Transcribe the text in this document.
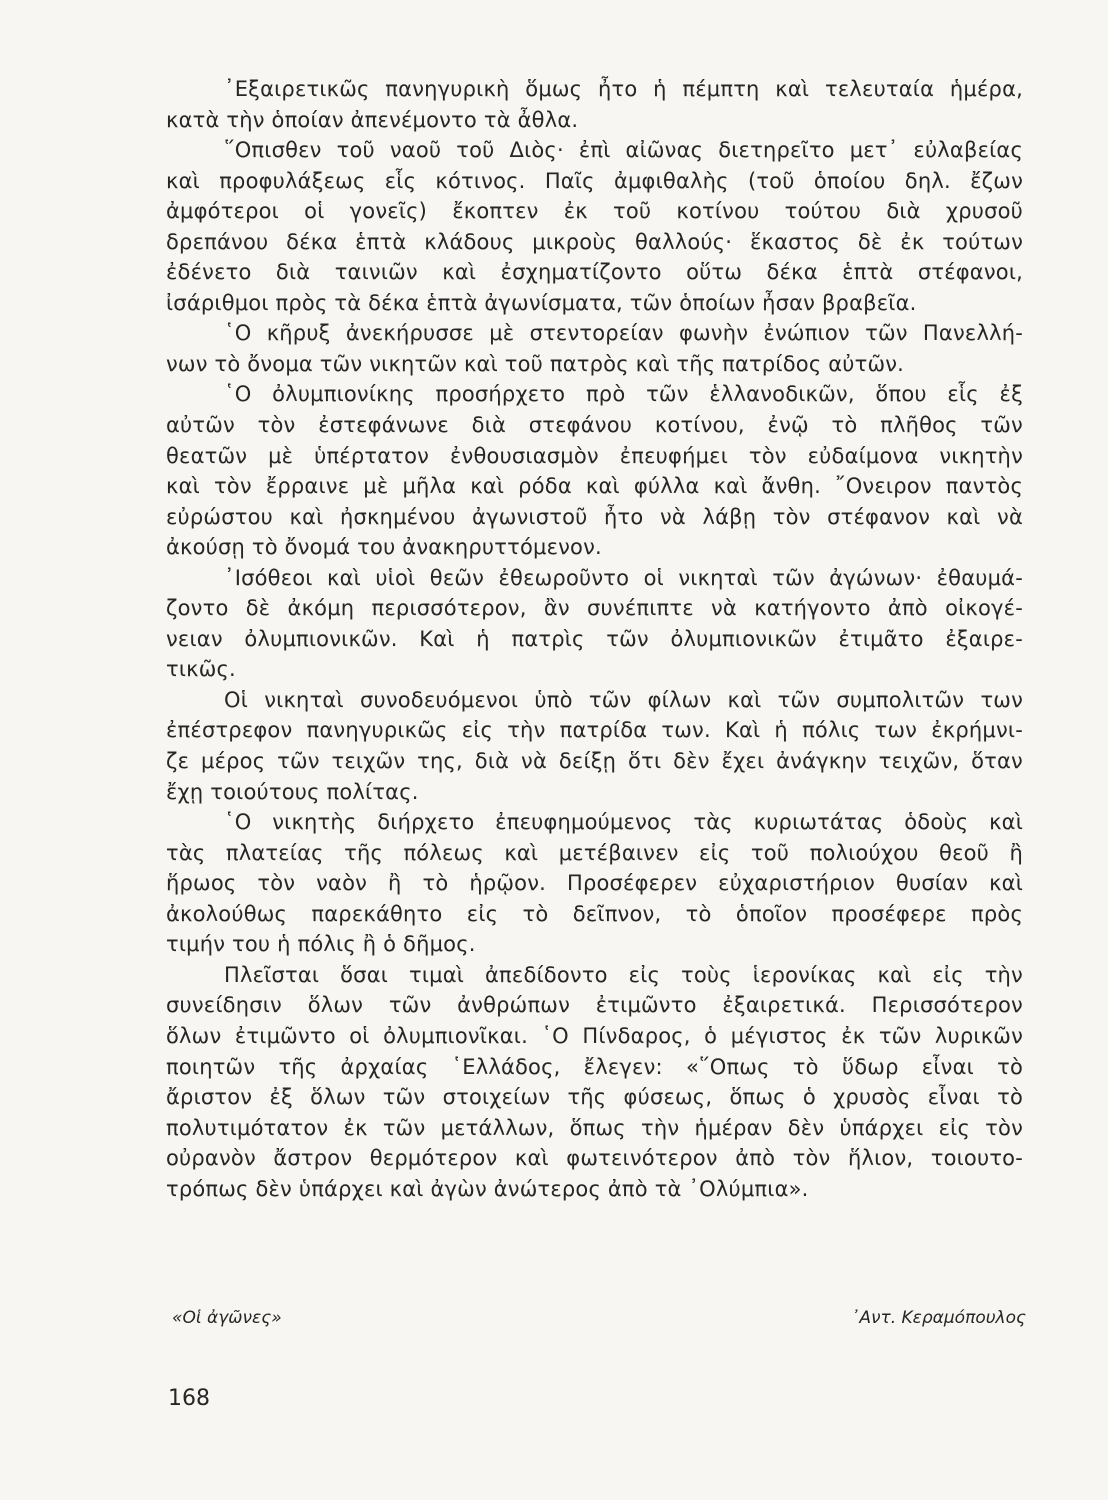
᾿Εξαιρετικῶς πανηγυρικὴ ὅμως ἦτο ἡ πέμπτη καὶ τελευταία ἡμέρα,
κατὰ τὴν ὁποίαν ἀπενέμοντο τὰ ἆθλα.
῞Οπισθεν τοῦ ναοῦ τοῦ Διὸς· ἐπὶ αἰῶνας διετηρεῖτο μετ᾿ εὐλαβείας
καὶ προφυλάξεως εἷς κότινος. Παῖς ἀμφιθαλὴς (τοῦ ὁποίου δηλ. ἔζων
ἀμφότεροι οἱ γονεῖς) ἔκοπτεν ἐκ τοῦ κοτίνου τούτου διὰ χρυσοῦ
δρεπάνου δέκα ἑπτὰ κλάδους μικροὺς θαλλούς· ἕκαστος δὲ ἐκ τούτων
ἐδένετο διὰ ταινιῶν καὶ ἐσχηματίζοντο οὕτω δέκα ἑπτὰ στέφανοι,
ἰσάριθμοι πρὸς τὰ δέκα ἑπτὰ ἀγωνίσματα, τῶν ὁποίων ἦσαν βραβεῖα.
῾Ο κῆρυξ ἀνεκήρυσσε μὲ στεντορείαν φωνὴν ἐνώπιον τῶν Πανελλή-
νων τὸ ὄνομα τῶν νικητῶν καὶ τοῦ πατρὸς καὶ τῆς πατρίδος αὐτῶν.
῾Ο ὀλυμπιονίκης προσήρχετο πρὸ τῶν ἑλλανοδικῶν, ὅπου εἷς ἐξ
αὐτῶν τὸν ἐστεφάνωνε διὰ στεφάνου κοτίνου, ἐνῷ τὸ πλῆθος τῶν
θεατῶν μὲ ὑπέρτατον ἐνθουσιασμὸν ἐπευφήμει τὸν εὐδαίμονα νικητὴν
καὶ τὸν ἔρραινε μὲ μῆλα καὶ ρόδα καὶ φύλλα καὶ ἄνθη. ῎Ονειρον παντὸς
εὐρώστου καὶ ἠσκημένου ἀγωνιστοῦ ἦτο νὰ λάβῃ τὸν στέφανον καὶ νὰ
ἀκούσῃ τὸ ὄνομά του ἀνακηρυττόμενον.
᾿Ισόθεοι καὶ υἱοὶ θεῶν ἐθεωροῦντο οἱ νικηταὶ τῶν ἀγώνων· ἐθαυμά-
ζοντο δὲ ἀκόμη περισσότερον, ἂν συνέπιπτε νὰ κατήγοντο ἀπὸ οἰκογέ-
νειαν ὀλυμπιονικῶν. Καὶ ἡ πατρὶς τῶν ὀλυμπιονικῶν ἐτιμᾶτο ἐξαιρε-
τικῶς.
Οἱ νικηταὶ συνοδευόμενοι ὑπὸ τῶν φίλων καὶ τῶν συμπολιτῶν των
ἐπέστρεφον πανηγυρικῶς εἰς τὴν πατρίδα των. Καὶ ἡ πόλις των ἐκρήμνι-
ζε μέρος τῶν τειχῶν της, διὰ νὰ δείξῃ ὅτι δὲν ἔχει ἀνάγκην τειχῶν, ὅταν
ἔχῃ τοιούτους πολίτας.
῾Ο νικητὴς διήρχετο ἐπευφημούμενος τὰς κυριωτάτας ὁδοὺς καὶ
τὰς πλατείας τῆς πόλεως καὶ μετέβαινεν εἰς τοῦ πολιούχου θεοῦ ἢ
ἥρωος τὸν ναὸν ἢ τὸ ἡρῷον. Προσέφερεν εὐχαριστήριον θυσίαν καὶ
ἀκολούθως παρεκάθητο εἰς τὸ δεῖπνον, τὸ ὁποῖον προσέφερε πρὸς
τιμήν του ἡ πόλις ἢ ὁ δῆμος.
Πλεῖσται ὅσαι τιμαὶ ἀπεδίδοντο εἰς τοὺς ἱερονίκας καὶ εἰς τὴν
συνείδησιν ὅλων τῶν ἀνθρώπων ἐτιμῶντο ἐξαιρετικά. Περισσότερον
ὅλων ἐτιμῶντο οἱ ὀλυμπιονῖκαι. ῾Ο Πίνδαρος, ὁ μέγιστος ἐκ τῶν λυρικῶν
ποιητῶν τῆς ἀρχαίας ῾Ελλάδος, ἔλεγεν: «῞Οπως τὸ ὕδωρ εἶναι τὸ
ἄριστον ἐξ ὅλων τῶν στοιχείων τῆς φύσεως, ὅπως ὁ χρυσὸς εἶναι τὸ
πολυτιμότατον ἐκ τῶν μετάλλων, ὅπως τὴν ἡμέραν δὲν ὑπάρχει εἰς τὸν
οὐρανὸν ἄστρον θερμότερον καὶ φωτεινότερον ἀπὸ τὸν ἥλιον, τοιουτο-
τρόπως δὲν ὑπάρχει καὶ ἀγὼν ἀνώτερος ἀπὸ τὰ ᾿Ολύμπια».
«Οἱ ἀγῶνες»	᾿Αντ. Κεραμόπουλος
168
